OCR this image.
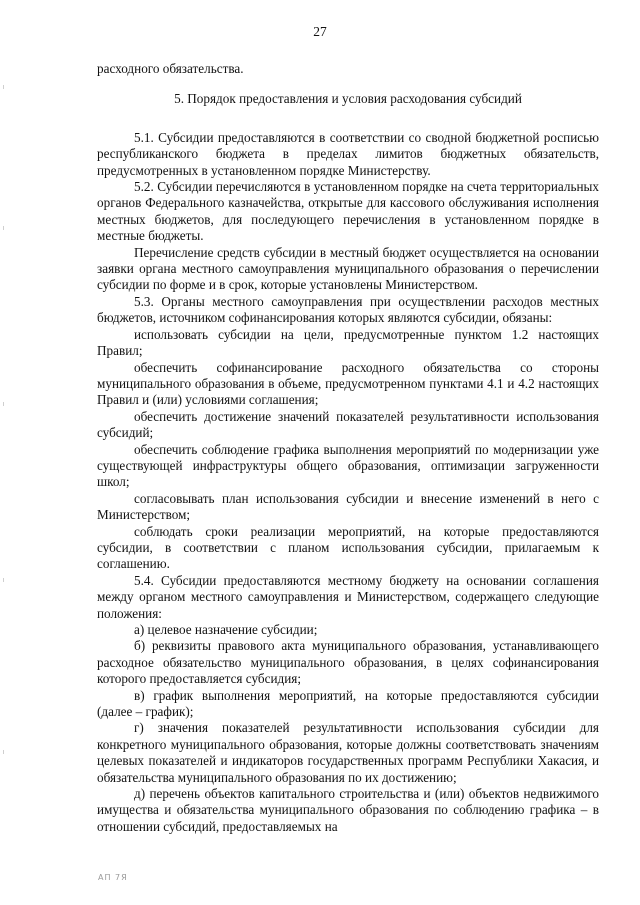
27

расходного обязательства.

5. Порядок предоставления и условия расходования субсидий

5.1. Субсидии предоставляются в соответствии со сводной бюджетной росписью республиканского бюджета в пределах лимитов бюджетных обязательств, предусмотренных в установленном порядке Министерству.

5.2. Субсидии перечисляются в установленном порядке на счета территориальных органов Федерального казначейства, открытые для кассового обслуживания исполнения местных бюджетов, для последующего перечисления в установленном порядке в местные бюджеты.

Перечисление средств субсидии в местный бюджет осуществляется на основании заявки органа местного самоуправления муниципального образования о перечислении субсидии по форме и в срок, которые установлены Министерством.

5.3. Органы местного самоуправления при осуществлении расходов местных бюджетов, источником софинансирования которых являются субсидии, обязаны:

использовать субсидии на цели, предусмотренные пунктом 1.2 настоящих Правил;

обеспечить софинансирование расходного обязательства со стороны муниципального образования в объеме, предусмотренном пунктами 4.1 и 4.2 настоящих Правил и (или) условиями соглашения;

обеспечить достижение значений показателей результативности использования субсидий;

обеспечить соблюдение графика выполнения мероприятий по модернизации уже существующей инфраструктуры общего образования, оптимизации загруженности школ;

согласовывать план использования субсидии и внесение изменений в него с Министерством;

соблюдать сроки реализации мероприятий, на которые предоставляются субсидии, в соответствии с планом использования субсидии, прилагаемым к соглашению.

5.4. Субсидии предоставляются местному бюджету на основании соглашения между органом местного самоуправления и Министерством, содержащего следующие положения:

а) целевое назначение субсидии;

б) реквизиты правового акта муниципального образования, устанавливающего расходное обязательство муниципального образования, в целях софинансирования которого предоставляется субсидия;

в) график выполнения мероприятий, на которые предоставляются субсидии (далее – график);

г) значения показателей результативности использования субсидии для конкретного муниципального образования, которые должны соответствовать значениям целевых показателей и индикаторов государственных программ Республики Хакасия, и обязательства муниципального образования по их достижению;

д) перечень объектов капитального строительства и (или) объектов недвижимого имущества и обязательства муниципального образования по соблюдению графика – в отношении субсидий, предоставляемых на

АП 7Я
